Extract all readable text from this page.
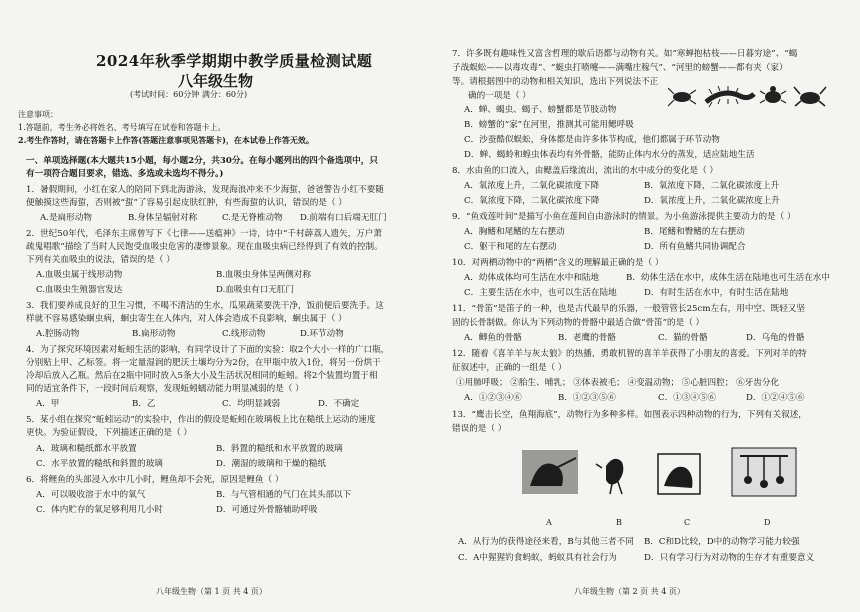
2024年秋季学期期中教学质量检测试题
八年级生物
(考试时间：60分钟 满分：60分)
注意事项：
1.答题前，考生务必将姓名、考号填写在试卷和答题卡上。
2.考生作答时，请在答题卡上作答(答题注意事项见答题卡)，在本试卷上作答无效。
一、单项选择题(本大题共15小题，每小题2分，共30分。在每小题列出的四个备选项中，只
有一项符合题目要求，错选、多选或未选均不得分。)
1．暑假期间，小红在家人的陪同下到北海游泳，发现海浪冲来不少海蜇，爸爸警告小红不要随
便触摸这些海蜇，否则被“蜇”了容易引起皮肤红肿，有些海蜇的认识，错误的是（ ）
A.是扁形动物	B.身体呈辐射对称	C.是无脊椎动物 D.前端有口后端无肛门
2．世纪50年代，毛泽东主席曾写下《七律——送瘟神》一诗，诗中“千村薜荔人遗矢，万户萧
疏鬼唱歌”描绘了当时人民饱受血吸虫危害的凄惨景象。现在血吸虫病已经得到了有效的控制。
下列有关血吸虫的说法，错误的是（ ）
A.血吸虫属于线形动物	B.血吸虫身体呈两侧对称
C.血吸虫生殖器官发达	D.血吸虫有口无肛门
3．我们要养成良好的卫生习惯，不喝不清洁的生水，瓜果蔬菜要洗干净，饭前便后要洗手。这
样就不容易感染蛔虫病，蛔虫寄生在人体内，对人体会造成不良影响，蛔虫属于（ ）
A.腔肠动物	B.扁形动物	C.线形动物	D.环节动物
4．为了探究环境因素对蚯蚓生活的影响，有同学设计了下面的实验：取2个大小一样的广口瓶，
分别贴上甲、乙标签。将一定量湿润的肥沃土壤均分为2份，在甲瓶中放入1份，将另一份烘干
冷却后放入乙瓶。然后在2瓶中同时放入5条大小及生活状况相同的蚯蚓。将2个装置均置于相
同的适宜条件下，一段时间后观察，发现蚯蚓蠕动能力明显减弱的是（ ）
A．甲	B．乙	C．均明显减弱	D．不确定
5．某小组在探究“蚯蚓运动”的实验中，作出的假设是蚯蚓在玻璃板上比在糙纸上运动的速度
更快。为验证假设，下列描述正确的是（ ）
A．玻璃和糙纸都水平放置	B．斜置的糙纸和水平放置的玻璃
C．水平放置的糙纸和斜置的玻璃	D．潮湿的玻璃和干燥的糙纸
6．将鲤鱼的头部浸入水中几小时，鲤鱼却不会死，原因是鲤鱼（ ）
A．可以吸收溶于水中的氧气	B．与气管相通的气门在其头部以下
C．体内贮存的氧足够利用几小时	D．可通过外骨骼辅助呼吸
八年级生物（第 1 页 共 4 页）
7．许多既有趣味性又富含哲理的歇后语都与动物有关。如“寒蝉抱枯枝——日暮穷途”、“蝎
子战蜈蚣——以毒攻毒”、“蜓虫打喷嚏——满嘴庄稼气”、“河里的螃蟹——都有夹（家）
等。请根据图中的动物和相关知识，选出下列说法不正
确的一项是（ ）
A．蝉、蝎虫、蝎子、螃蟹都是节肢动物
B．螃蟹的“家”在河里，推测其可能用鳃呼吸
C．沙蚕酷似蜈蚣，身体都是由许多体节构成，他们都属于环节动物
D．蝉、蝎蛉和蝗虫体表均有外骨骼，能防止体内水分的蒸发，适应陆地生活
8．水由鱼的口流入，由鳃盖后缘流出，流出的水中成分的变化是（ ）
A．氧浓度上升，二氧化碳浓度下降	B．氧浓度下降，二氧化碳浓度上升
C．氧浓度下降，二氧化碳浓度下降	D．氧浓度上升，二氧化碳浓度上升
9．“鱼戏莲叶间”是描写小鱼在莲间自由游泳时的情景。为小鱼游泳提供主要动力的是（ ）
A．胸鳍和尾鳍的左右摆动	B．尾鳍和臀鳍的左右摆动
C．躯干和尾的左右摆动	D．所有鱼鳍共同协调配合
10．对两栖动物中的“两栖”含义的理解最正确的是（ ）
A．幼体成体均可生活在水中和陆地	B．幼体生活在水中，成体生活在陆地也可生活在水中
C．主要生活在水中，也可以生活在陆地	D．有时生活在水中，有时生活在陆地
11．“骨笛”是笛子的一种，也是古代最早的乐器，一般管管长25cm左右，用中空、既轻又坚
固的长骨制做。你认为下列动物的骨骼中最适合做“骨笛”的是（ ）
A．鲫鱼的骨骼	B．老鹰的骨骼	C．猫的骨骼	D．乌龟的骨骼
12．随着《喜羊羊与灰太狼》的热播，勇敢机智的喜羊羊获得了小朋友的喜爱。下列对羊的特
征叙述中，正确的一组是（ ）
①用肺呼吸； ②胎生、哺乳； ③体表被毛； ④变温动物； ⑤心脏四腔； ⑥牙齿分化
A．①②③④⑥	B．①②③⑤⑥	C．①③④⑤⑥	D．①②④⑤⑥
13．“鹰击长空，鱼翔海底”，动物行为多种多样。如图表示四种动物的行为，下列有关叙述，
错误的是（ ）
A	B	C	D
A．从行为的获得途径来看，B与其他三者不同 B．C和D比较，D中的动物学习能力较强
C．A中猩猩钓食蚂蚁，蚂蚁具有社会行为	D．只有学习行为对动物的生存才有重要意义
八年级生物（第 2 页 共 4 页）
